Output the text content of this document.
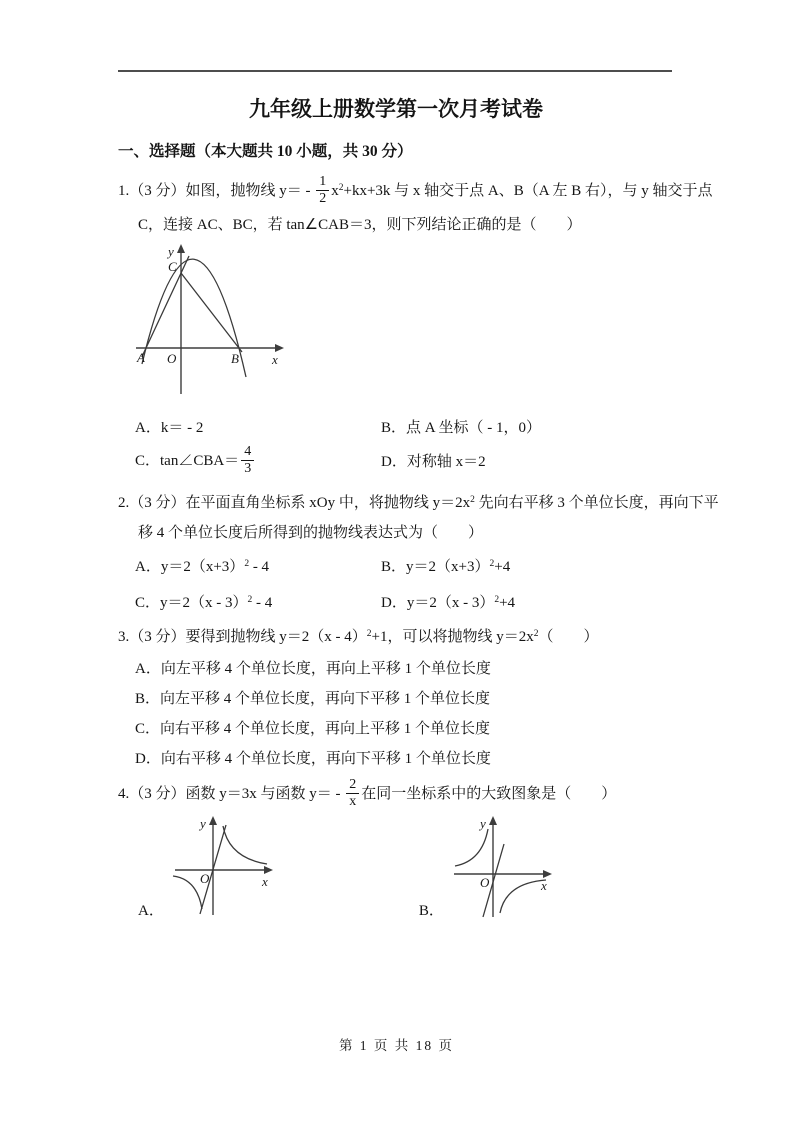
九年级上册数学第一次月考试卷
一、选择题（本大题共 10 小题，共 30 分）
1.（3 分）如图，抛物线 $y= - \frac{1}{2} x^2+kx+3k$ 与 x 轴交于点 A、B（A 左 B 右），与 y 轴交于点
C，连接 AC、BC，若 tan∠CAB＝3，则下列结论正确的是（　　）
A O	B	x
y
C
A．k＝ - 2	B．点 A 坐标（ - 1，0）
C．tan∠CBA＝ $\frac{4}{3}$	D．对称轴 x＝2
2.（3 分）在平面直角坐标系 xOy 中，将抛物线 $y=2x^2$ 先向右平移 3 个单位长度，再向下平
移 4 个单位长度后所得到的抛物线表达式为（　　）
A．$y=2(x+3)^2 - 4$	B．$y=2(x+3)^2+4$
C．y＝2（x - 3）$^2$ - 4	D．y＝2（x - 3）$^2$+4
3.（3 分）要得到抛物线 y＝2（x - 4）$^2$+1，可以将抛物线 $y=2x^2$（　　）
A．向左平移 4 个单位长度，再向上平移 1 个单位长度
B．向左平移 4 个单位长度，再向下平移 1 个单位长度
C．向右平移 4 个单位长度，再向上平移 1 个单位长度
D．向右平移 4 个单位长度，再向下平移 1 个单位长度
4.（3 分）函数 y＝3x 与函数 $y= - \frac{2}{x}$ 在同一坐标系中的大致图象是（　　）
A．
y
O	x
B．
y
O	x
第 1 页 共 18 页
